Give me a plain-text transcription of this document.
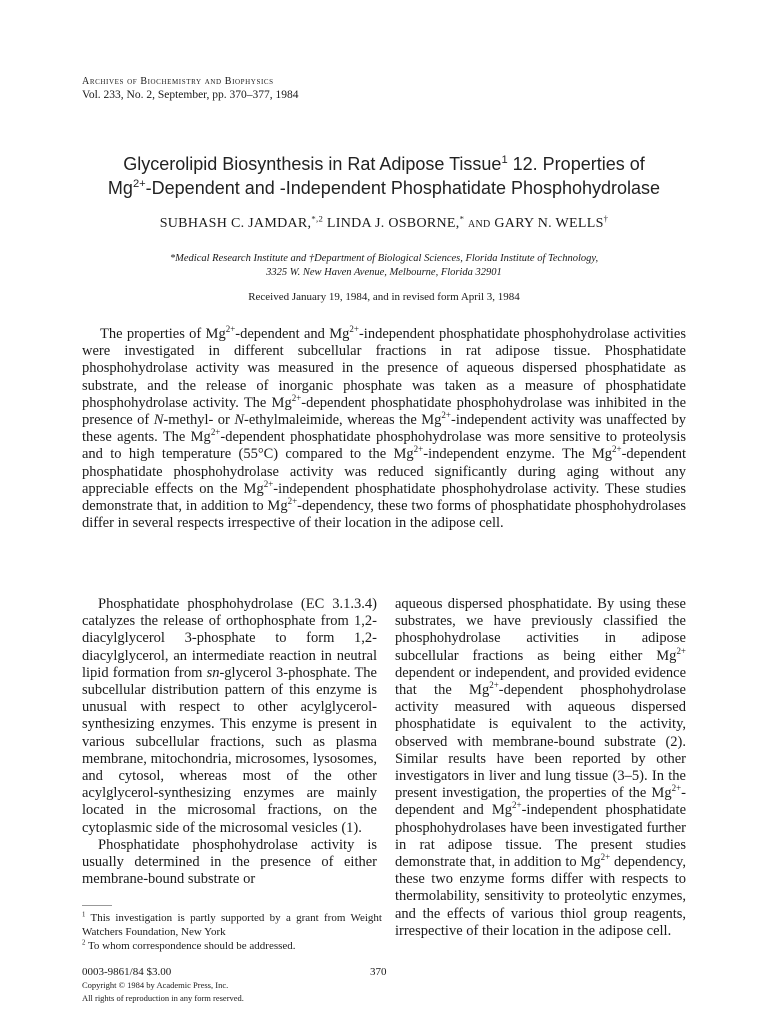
Archives of Biochemistry and Biophysics
Vol. 233, No. 2, September, pp. 370–377, 1984
Glycerolipid Biosynthesis in Rat Adipose Tissue$^1$ 12. Properties of
$Mg^{2+}$-Dependent and -Independent Phosphatidate Phosphohydrolase
SUBHASH C. JAMDAR,$^{*,2}$ LINDA J. OSBORNE,* and GARY N. WELLS†
*Medical Research Institute and †Department of Biological Sciences, Florida Institute of Technology,
3325 W. New Haven Avenue, Melbourne, Florida 32901
Received January 19, 1984, and in revised form April 3, 1984

The properties of $Mg^{2+}$-dependent and $Mg^{2+}$-independent phosphatidate phosphohydrolase activities were investigated in different subcellular fractions in rat adipose tissue. Phosphatidate phosphohydrolase activity was measured in the presence of aqueous dispersed phosphatidate as substrate, and the release of inorganic phosphate was taken as a measure of phosphatidate phosphohydrolase activity. The $Mg^{2+}$-dependent phosphatidate phosphohydrolase was inhibited in the presence of N-methyl- or N-ethylmaleimide, whereas the $Mg^{2+}$-independent activity was unaffected by these agents. The $Mg^{2+}$-dependent phosphatidate phosphohydrolase was more sensitive to proteolysis and to high temperature (55°C) compared to the $Mg^{2+}$-independent enzyme. The $Mg^{2+}$-dependent phosphatidate phosphohydrolase activity was reduced significantly during aging without any appreciable effects on the $Mg^{2+}$-independent phosphatidate phosphohydrolase activity. These studies demonstrate that, in addition to $Mg^{2+}$-dependency, these two forms of phosphatidate phosphohydrolases differ in several respects irrespective of their location in the adipose cell.

Phosphatidate phosphohydrolase (EC 3.1.3.4) catalyzes the release of orthophosphate from 1,2-diacylglycerol 3-phosphate to form 1,2-diacylglycerol, an intermediate reaction in neutral lipid formation from sn-glycerol 3-phosphate. The subcellular distribution pattern of this enzyme is unusual with respect to other acylglycerol-synthesizing enzymes. This enzyme is present in various subcellular fractions, such as plasma membrane, mitochondria, microsomes, lysosomes, and cytosol, whereas most of the other acylglycerol-synthesizing enzymes are mainly located in the microsomal fractions, on the cytoplasmic side of the microsomal vesicles (1).

Phosphatidate phosphohydrolase activity is usually determined in the presence of either membrane-bound substrate or

aqueous dispersed phosphatidate. By using these substrates, we have previously classified the phosphohydrolase activities in adipose subcellular fractions as being either $Mg^{2+}$ dependent or independent, and provided evidence that the $Mg^{2+}$-dependent phosphohydrolase activity measured with aqueous dispersed phosphatidate is equivalent to the activity, observed with membrane-bound substrate (2). Similar results have been reported by other investigators in liver and lung tissue (3–5). In the present investigation, the properties of the $Mg^{2+}$-dependent and $Mg^{2+}$-independent phosphatidate phosphohydrolases have been investigated further in rat adipose tissue. The present studies demonstrate that, in addition to $Mg^{2+}$ dependency, these two enzyme forms differ with respects to thermolability, sensitivity to proteolytic enzymes, and the effects of various thiol group reagents, irrespective of their location in the adipose cell.

$^1$ This investigation is partly supported by a grant from Weight Watchers Foundation, New York
$^2$ To whom correspondence should be addressed.
0003-9861/84 $3.00
Copyright © 1984 by Academic Press, Inc.
All rights of reproduction in any form reserved.
370
